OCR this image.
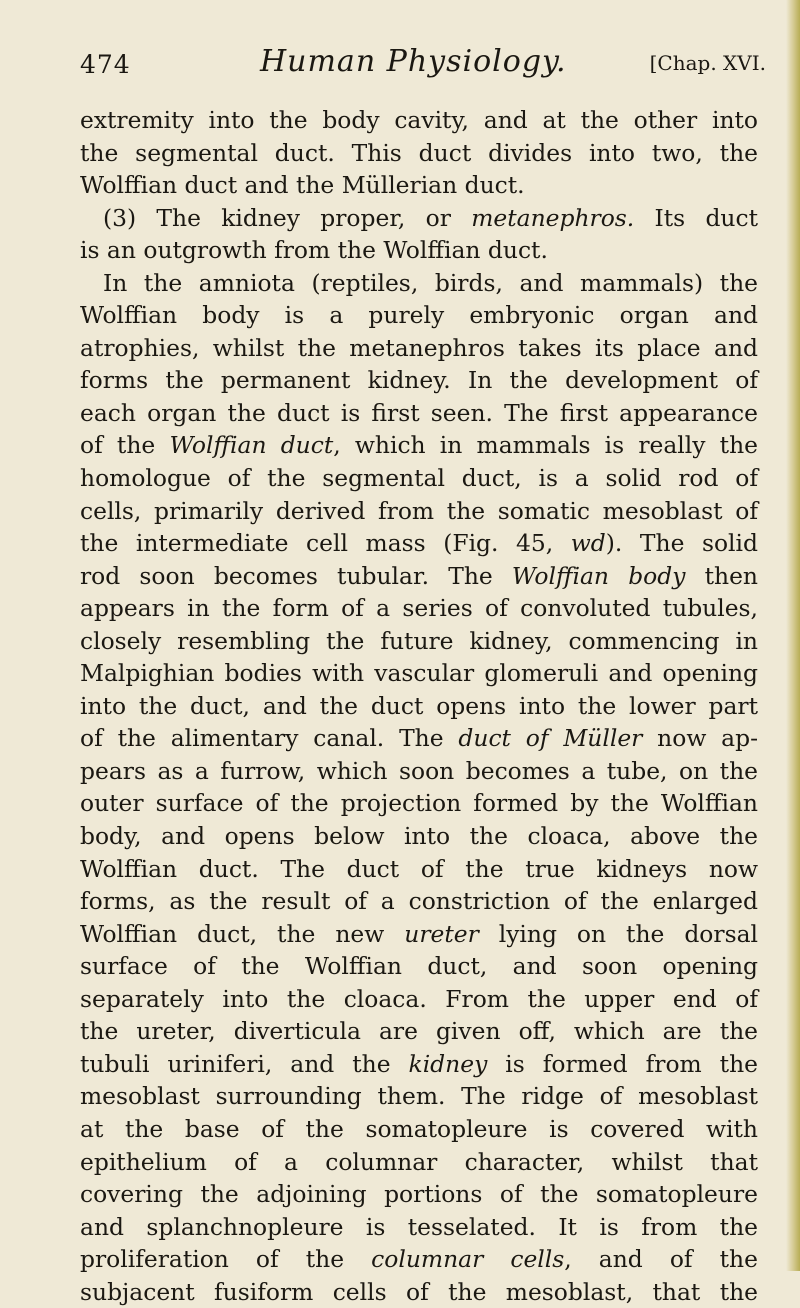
474	Human Physiology.	[Chap. XVI.
extremity into the body cavity, and at the other into
the segmental duct. This duct divides into two, the
Wolffian duct and the Müllerian duct.
(3) The kidney proper, or metanephros. Its duct
is an outgrowth from the Wolffian duct.
In the amniota (reptiles, birds, and mammals) the
Wolffian body is a purely embryonic organ and
atrophies, whilst the metanephros takes its place and
forms the permanent kidney. In the development of
each organ the duct is first seen. The first appearance
of the Wolffian duct, which in mammals is really the
homologue of the segmental duct, is a solid rod of
cells, primarily derived from the somatic mesoblast of
the intermediate cell mass (Fig. 45, wd). The solid
rod soon becomes tubular. The Wolffian body then
appears in the form of a series of convoluted tubules,
closely resembling the future kidney, commencing in
Malpighian bodies with vascular glomeruli and opening
into the duct, and the duct opens into the lower part
of the alimentary canal. The duct of Müller now ap-
pears as a furrow, which soon becomes a tube, on the
outer surface of the projection formed by the Wolffian
body, and opens below into the cloaca, above the
Wolffian duct. The duct of the true kidneys now
forms, as the result of a constriction of the enlarged
Wolffian duct, the new ureter lying on the dorsal
surface of the Wolffian duct, and soon opening
separately into the cloaca. From the upper end of
the ureter, diverticula are given off, which are the
tubuli uriniferi, and the kidney is formed from the
mesoblast surrounding them. The ridge of mesoblast
at the base of the somatopleure is covered with
epithelium of a columnar character, whilst that
covering the adjoining portions of the somatopleure
and splanchnopleure is tesselated. It is from the
proliferation of the columnar cells, and of the
subjacent fusiform cells of the mesoblast, that the
